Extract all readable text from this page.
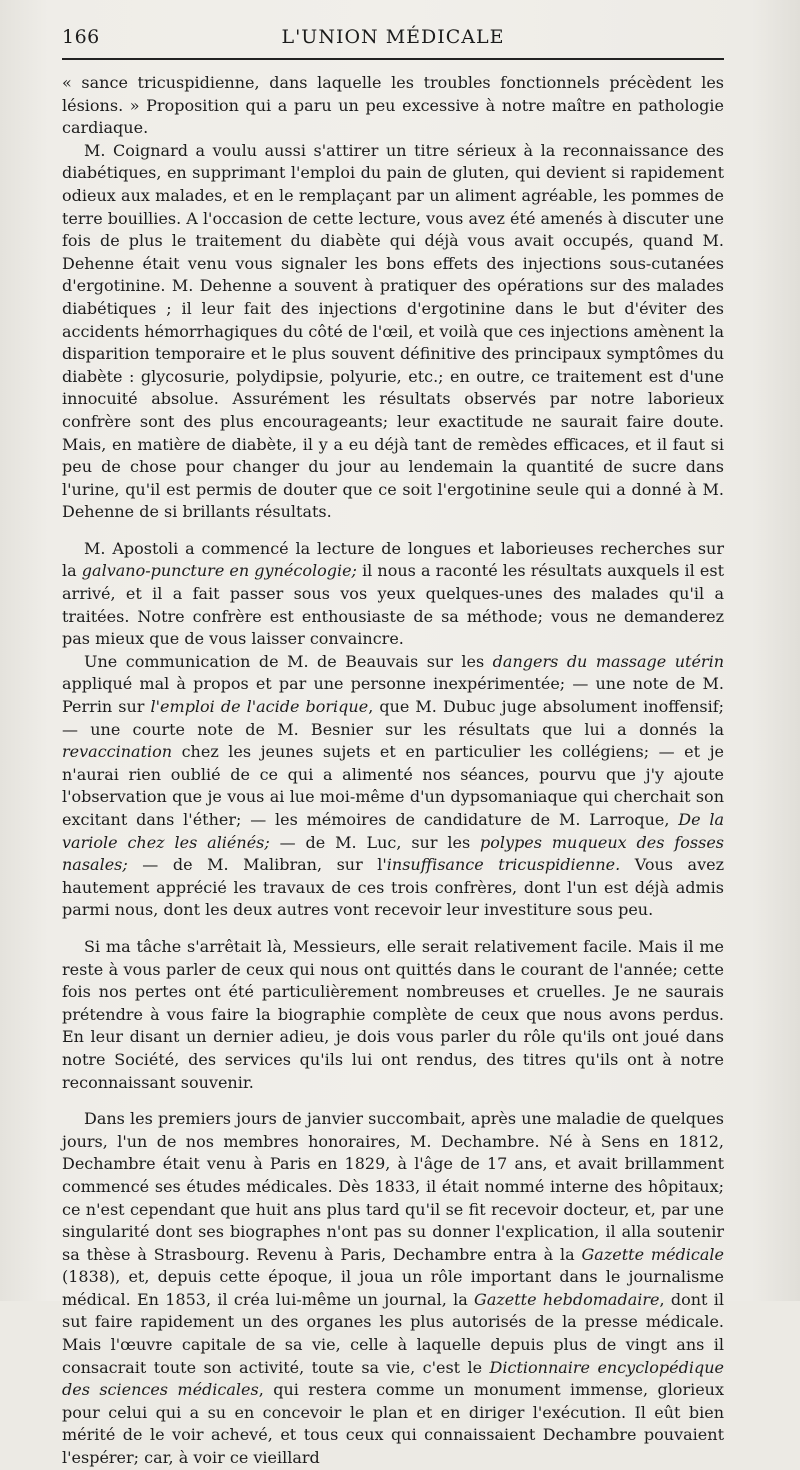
166	L'UNION MÉDICALE

« sance tricuspidienne, dans laquelle les troubles fonctionnels précèdent les lésions. » Proposition qui a paru un peu excessive à notre maître en pathologie cardiaque.

M. Coignard a voulu aussi s'attirer un titre sérieux à la reconnaissance des diabétiques, en supprimant l'emploi du pain de gluten, qui devient si rapidement odieux aux malades, et en le remplaçant par un aliment agréable, les pommes de terre bouillies. A l'occasion de cette lecture, vous avez été amenés à discuter une fois de plus le traitement du diabète qui déjà vous avait occupés, quand M. Dehenne était venu vous signaler les bons effets des injections sous-cutanées d'ergotinine. M. Dehenne a souvent à pratiquer des opérations sur des malades diabétiques ; il leur fait des injections d'ergotinine dans le but d'éviter des accidents hémorrhagiques du côté de l'œil, et voilà que ces injections amènent la disparition temporaire et le plus souvent définitive des principaux symptômes du diabète : glycosurie, polydipsie, polyurie, etc.; en outre, ce traitement est d'une innocuité absolue. Assurément les résultats observés par notre laborieux confrère sont des plus encourageants; leur exactitude ne saurait faire doute. Mais, en matière de diabète, il y a eu déjà tant de remèdes efficaces, et il faut si peu de chose pour changer du jour au lendemain la quantité de sucre dans l'urine, qu'il est permis de douter que ce soit l'ergotinine seule qui a donné à M. Dehenne de si brillants résultats.

M. Apostoli a commencé la lecture de longues et laborieuses recherches sur la galvano-puncture en gynécologie; il nous a raconté les résultats auxquels il est arrivé, et il a fait passer sous vos yeux quelques-unes des malades qu'il a traitées. Notre confrère est enthousiaste de sa méthode; vous ne demanderez pas mieux que de vous laisser convaincre.

Une communication de M. de Beauvais sur les dangers du massage utérin appliqué mal à propos et par une personne inexpérimentée; — une note de M. Perrin sur l'emploi de l'acide borique, que M. Dubuc juge absolument inoffensif; — une courte note de M. Besnier sur les résultats que lui a donnés la revaccination chez les jeunes sujets et en particulier les collégiens; — et je n'aurai rien oublié de ce qui a alimenté nos séances, pourvu que j'y ajoute l'observation que je vous ai lue moi-même d'un dypsomaniaque qui cherchait son excitant dans l'éther; — les mémoires de candidature de M. Larroque, De la variole chez les aliénés; — de M. Luc, sur les polypes muqueux des fosses nasales; — de M. Malibran, sur l'insuffisance tricuspidienne. Vous avez hautement apprécié les travaux de ces trois confrères, dont l'un est déjà admis parmi nous, dont les deux autres vont recevoir leur investiture sous peu.

Si ma tâche s'arrêtait là, Messieurs, elle serait relativement facile. Mais il me reste à vous parler de ceux qui nous ont quittés dans le courant de l'année; cette fois nos pertes ont été particulièrement nombreuses et cruelles. Je ne saurais prétendre à vous faire la biographie complète de ceux que nous avons perdus. En leur disant un dernier adieu, je dois vous parler du rôle qu'ils ont joué dans notre Société, des services qu'ils lui ont rendus, des titres qu'ils ont à notre reconnaissant souvenir.

Dans les premiers jours de janvier succombait, après une maladie de quelques jours, l'un de nos membres honoraires, M. Dechambre. Né à Sens en 1812, Dechambre était venu à Paris en 1829, à l'âge de 17 ans, et avait brillamment commencé ses études médicales. Dès 1833, il était nommé interne des hôpitaux; ce n'est cependant que huit ans plus tard qu'il se fit recevoir docteur, et, par une singularité dont ses biographes n'ont pas su donner l'explication, il alla soutenir sa thèse à Strasbourg. Revenu à Paris, Dechambre entra à la Gazette médicale (1838), et, depuis cette époque, il joua un rôle important dans le journalisme médical. En 1853, il créa lui-même un journal, la Gazette hebdomadaire, dont il sut faire rapidement un des organes les plus autorisés de la presse médicale. Mais l'œuvre capitale de sa vie, celle à laquelle depuis plus de vingt ans il consacrait toute son activité, toute sa vie, c'est le Dictionnaire encyclopédique des sciences médicales, qui restera comme un monument immense, glorieux pour celui qui a su en concevoir le plan et en diriger l'exécution. Il eût bien mérité de le voir achevé, et tous ceux qui connaissaient Dechambre pouvaient l'espérer; car, à voir ce vieillard
